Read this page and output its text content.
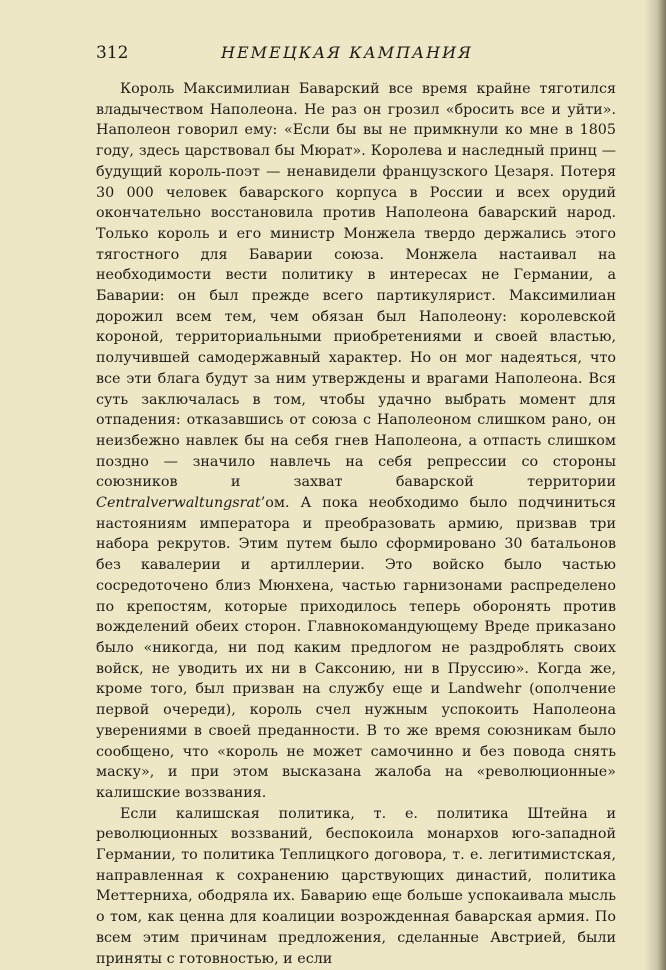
312	НЕМЕЦКАЯ КАМПАНИЯ

Король Максимилиан Баварский все время крайне тяготился владычеством Наполеона. Не раз он грозил «бросить все и уйти». Наполеон говорил ему: «Если бы вы не примкнули ко мне в 1805 году, здесь царствовал бы Мюрат». Королева и наследный принц — будущий король-поэт — ненавидели французского Цезаря. Потеря 30 000 человек баварского корпуса в России и всех орудий окончательно восстановила против Наполеона баварский народ. Только король и его министр Монжела твердо держались этого тягостного для Баварии союза. Монжела настаивал на необходимости вести политику в интересах не Германии, а Баварии: он был прежде всего партикулярист. Максимилиан дорожил всем тем, чем обязан был Наполеону: королевской короной, территориальными приобретениями и своей властью, получившей самодержавный характер. Но он мог надеяться, что все эти блага будут за ним утверждены и врагами Наполеона. Вся суть заключалась в том, чтобы удачно выбрать момент для отпадения: отказавшись от союза с Наполеоном слишком рано, он неизбежно навлек бы на себя гнев Наполеона, а отпасть слишком поздно — значило навлечь на себя репрессии со стороны союзников и захват баварской территории Centralverwaltungsrat’ом. А пока необходимо было подчиниться настояниям императора и преобразовать армию, призвав три набора рекрутов. Этим путем было сформировано 30 батальонов без кавалерии и артиллерии. Это войско было частью сосредоточено близ Мюнхена, частью гарнизонами распределено по крепостям, которые приходилось теперь оборонять против вожделений обеих сторон. Главнокомандующему Вреде приказано было «никогда, ни под каким предлогом не раздроблять своих войск, не уводить их ни в Саксонию, ни в Пруссию». Когда же, кроме того, был призван на службу еще и Landwehr (ополчение первой очереди), король счел нужным успокоить Наполеона уверениями в своей преданности. В то же время союзникам было сообщено, что «король не может самочинно и без повода снять маску», и при этом высказана жалоба на «революционные» калишские воззвания.

Если калишская политика, т. е. политика Штейна и революционных воззваний, беспокоила монархов юго-западной Германии, то политика Теплицкого договора, т. е. легитимистская, направленная к сохранению царствующих династий, политика Меттерниха, ободряла их. Баварию еще больше успокаивала мысль о том, как ценна для коалиции возрожденная баварская армия. По всем этим причинам предложения, сделанные Австрией, были приняты с готовностью, и если
